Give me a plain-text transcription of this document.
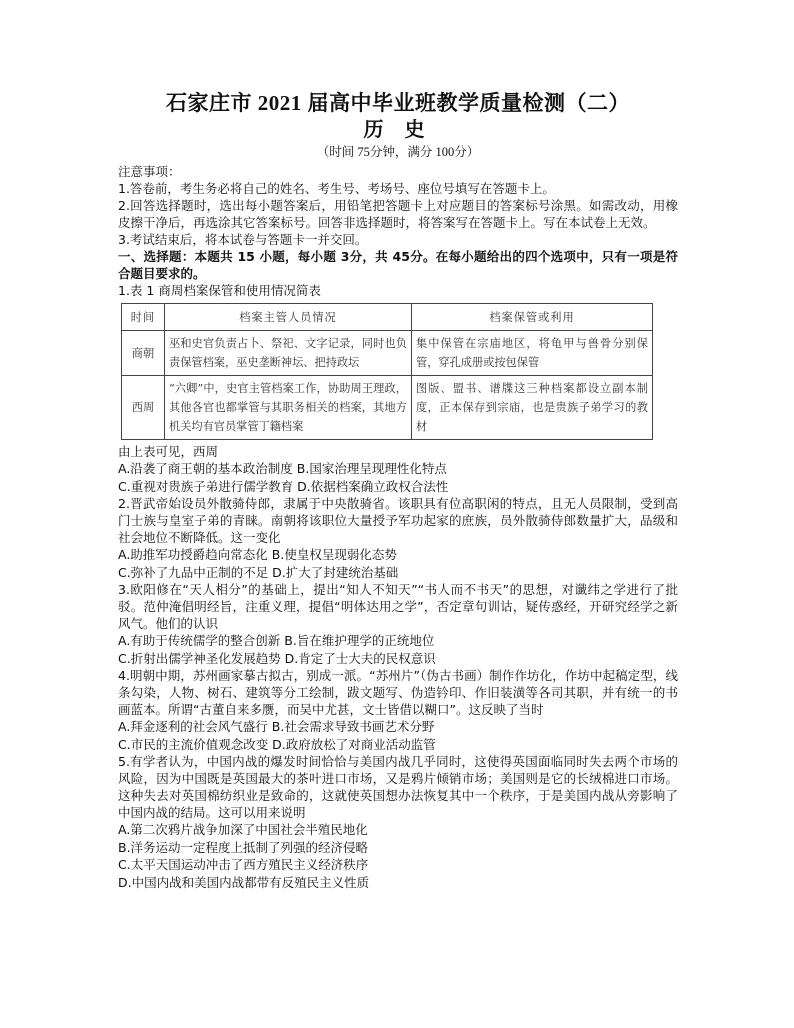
石家庄市 2021 届高中毕业班教学质量检测（二）
历 史
（时间 75分钟，满分 100分）

注意事项：

1.答卷前，考生务必将自己的姓名、考生号、考场号、座位号填写在答题卡上。

2.回答选择题时，选出每小题答案后，用铅笔把答题卡上对应题目的答案标号涂黑。如需改动，用橡皮擦干净后，再选涂其它答案标号。回答非选择题时，将答案写在答题卡上。写在本试卷上无效。

3.考试结束后，将本试卷与答题卡一并交回。

一、选择题：本题共 15 小题，每小题 3分，共 45分。在每小题给出的四个选项中，只有一项是符合题目要求的。

1.表 1 商周档案保管和使用情况简表

时间	档案主管人员情况	档案保管或利用
商朝	巫和史官负责占卜、祭祀、文字记录，同时也负责保管档案，巫史垄断神坛、把持政坛	集中保管在宗庙地区，将龟甲与兽骨分别保管，穿孔成册或按包保管
西周	“六卿”中，史官主管档案工作，协助周王理政，其他各官也都掌管与其职务相关的档案，其地方机关均有官员掌管丁籍档案	图版、盟书、谱牒这三种档案都设立副本制度，正本保存到宗庙，也是贵族子弟学习的教材

由上表可见，西周

A.沿袭了商王朝的基本政治制度 B.国家治理呈现理性化特点

C.重视对贵族子弟进行儒学教育 D.依据档案确立政权合法性

2.晋武帝始设员外散骑侍郎，隶属于中央散骑省。该职具有位高职闲的特点，且无人员限制，受到高门士族与皇室子弟的青睐。南朝将该职位大量授予军功起家的庶族，员外散骑侍郎数量扩大，品级和社会地位不断降低。这一变化

A.助推军功授爵趋向常态化 B.使皇权呈现弱化态势

C.弥补了九品中正制的不足 D.扩大了封建统治基础

3.欧阳修在“天人相分”的基础上，提出“知人不知天”“书人而不书天”的思想，对谶纬之学进行了批驳。范仲淹倡明经旨，注重义理，提倡“明体达用之学”，否定章句训诂，疑传惑经，开研究经学之新风气。他们的认识

A.有助于传统儒学的整合创新 B.旨在维护理学的正统地位

C.折射出儒学神圣化发展趋势 D.肯定了士大夫的民权意识

4.明朝中期，苏州画家摹古拟古，别成一派。“苏州片”（伪古书画）制作作坊化，作坊中起稿定型，线条勾染，人物、树石、建筑等分工绘制，跋文题写、伪造钤印、作旧装潢等各司其职，并有统一的书画蓝本。所谓“古董自来多赝，而吴中尤甚，文士皆借以糊口”。这反映了当时

A.拜金逐利的社会风气盛行 B.社会需求导致书画艺术分野

C.市民的主流价值观念改变 D.政府放松了对商业活动监管

5.有学者认为，中国内战的爆发时间恰恰与美国内战几乎同时，这使得英国面临同时失去两个市场的风险，因为中国既是英国最大的茶叶进口市场，又是鸦片倾销市场；美国则是它的长绒棉进口市场。这种失去对英国棉纺织业是致命的，这就使英国想办法恢复其中一个秩序，于是美国内战从旁影响了中国内战的结局。这可以用来说明

A.第二次鸦片战争加深了中国社会半殖民地化

B.洋务运动一定程度上抵制了列强的经济侵略

C.太平天国运动冲击了西方殖民主义经济秩序

D.中国内战和美国内战都带有反殖民主义性质
